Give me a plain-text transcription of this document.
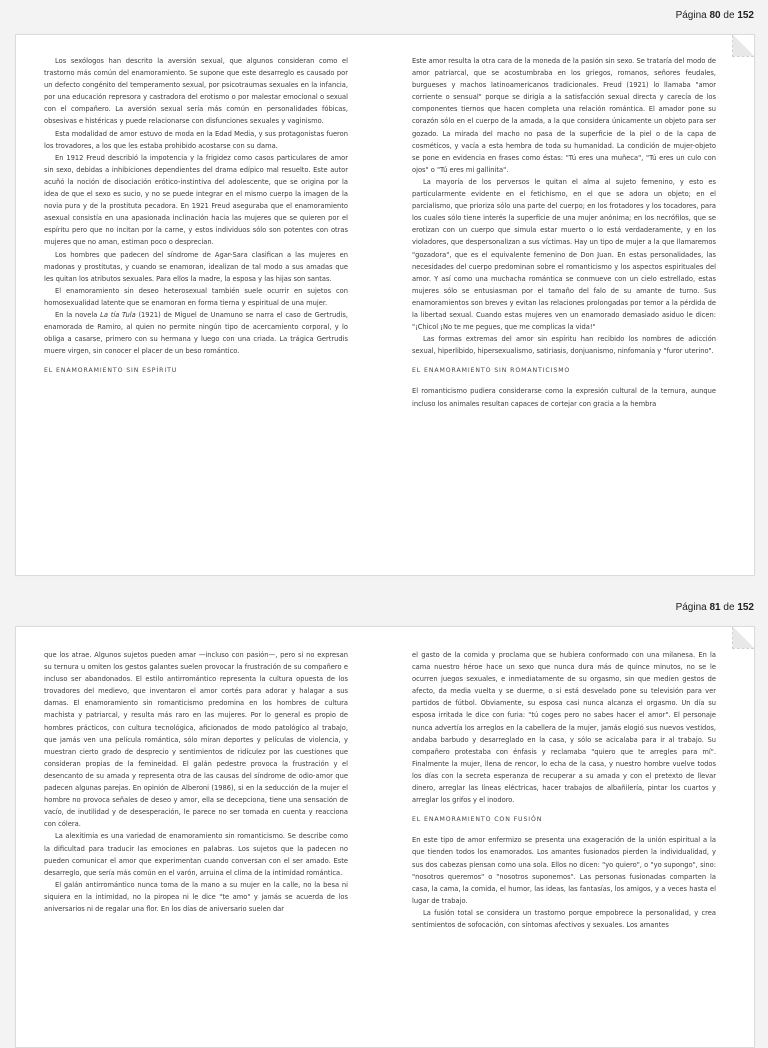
Página 80 de 152

Los sexólogos han descrito la aversión sexual, que algunos consideran como el trastorno más común del enamoramiento. Se supone que este desarreglo es causado por un defecto congénito del temperamento sexual, por psicotraumas sexuales en la infancia, por una educación represora y castradora del erotismo o por malestar emocional o sexual con el compañero. La aversión sexual sería más común en personalidades fóbicas, obsesivas e histéricas y puede relacionarse con disfunciones sexuales y vaginismo.

Esta modalidad de amor estuvo de moda en la Edad Media, y sus protagonistas fueron los trovadores, a los que les estaba prohibido acostarse con su dama.

En 1912 Freud describió la impotencia y la frigidez como casos particulares de amor sin sexo, debidas a inhibiciones dependientes del drama edípico mal resuelto. Este autor acuñó la noción de disociación erótico-instintiva del adolescente, que se origina por la idea de que el sexo es sucio, y no se puede integrar en el mismo cuerpo la imagen de la novia pura y de la prostituta pecadora. En 1921 Freud aseguraba que el enamoramiento asexual consistía en una apasionada inclinación hacia las mujeres que se quieren por el espíritu pero que no incitan por la carne, y estos individuos sólo son potentes con otras mujeres que no aman, estiman poco o desprecian.

Los hombres que padecen del síndrome de Agar-Sara clasifican a las mujeres en madonas y prostitutas, y cuando se enamoran, idealizan de tal modo a sus amadas que les quitan los atributos sexuales. Para ellos la madre, la esposa y las hijas son santas.

El enamoramiento sin deseo heterosexual también suele ocurrir en sujetos con homosexualidad latente que se enamoran en forma tierna y espiritual de una mujer.

En la novela La tía Tula (1921) de Miguel de Unamuno se narra el caso de Gertrudis, enamorada de Ramiro, al quien no permite ningún tipo de acercamiento corporal, y lo obliga a casarse, primero con su hermana y luego con una criada. La trágica Gertrudis muere virgen, sin conocer el placer de un beso romántico.

EL ENAMORAMIENTO SIN ESPÍRITU

Este amor resulta la otra cara de la moneda de la pasión sin sexo. Se trataría del modo de amor patriarcal, que se acostumbraba en los griegos, romanos, señores feudales, burgueses y machos latinoamericanos tradicionales. Freud (1921) lo llamaba "amor corriente o sensual" porque se dirigía a la satisfacción sexual directa y carecía de los componentes tiernos que hacen completa una relación romántica. El amador pone su corazón sólo en el cuerpo de la amada, a la que considera únicamente un objeto para ser gozado. La mirada del macho no pasa de la superficie de la piel o de la capa de cosméticos, y vacía a esta hembra de toda su humanidad. La condición de mujer-objeto se pone en evidencia en frases como éstas: "Tú eres una muñeca", "Tú eres un culo con ojos" o "Tú eres mi gallinita".

La mayoría de los perversos le quitan el alma al sujeto femenino, y esto es particularmente evidente en el fetichismo, en el que se adora un objeto; en el parcialismo, que prioriza sólo una parte del cuerpo; en los frotadores y los tocadores, para los cuales sólo tiene interés la superficie de una mujer anónima; en los necrófilos, que se erotizan con un cuerpo que simula estar muerto o lo está verdaderamente, y en los violadores, que despersonalizan a sus víctimas. Hay un tipo de mujer a la que llamaremos "gozadora", que es el equivalente femenino de Don Juan. En estas personalidades, las necesidades del cuerpo predominan sobre el romanticismo y los aspectos espirituales del amor. Y así como una muchacha romántica se conmueve con un cielo estrellado, estas mujeres sólo se entusiasman por el tamaño del falo de su amante de turno. Sus enamoramientos son breves y evitan las relaciones prolongadas por temor a la pérdida de la libertad sexual. Cuando estas mujeres ven un enamorado demasiado asiduo le dicen: "¡Chicol ¡No te me pegues, que me complicas la vida!"

Las formas extremas del amor sin espíritu han recibido los nombres de adicción sexual, hiperlibido, hipersexualismo, satiriasis, donjuanismo, ninfomanía y "furor uterino".

EL ENAMORAMIENTO SIN ROMANTICISMO

El romanticismo pudiera considerarse como la expresión cultural de la ternura, aunque incluso los animales resultan capaces de cortejar con gracia a la hembra

Página 81 de 152

que los atrae. Algunos sujetos pueden amar —incluso con pasión—, pero si no expresan su ternura u omiten los gestos galantes suelen provocar la frustración de su compañero e incluso ser abandonados. El estilo antirromántico representa la cultura opuesta de los trovadores del medievo, que inventaron el amor cortés para adorar y halagar a sus damas. El enamoramiento sin romanticismo predomina en los hombres de cultura machista y patriarcal, y resulta más raro en las mujeres. Por lo general es propio de hombres prácticos, con cultura tecnológica, aficionados de modo patológico al trabajo, que jamás ven una película romántica, sólo miran deportes y películas de violencia, y muestran cierto grado de desprecio y sentimientos de ridículez por las cuestiones que consideran propias de la femineidad. El galán pedestre provoca la frustración y el desencanto de su amada y representa otra de las causas del síndrome de odio-amor que padecen algunas parejas. En opinión de Alberoni (1986), si en la seducción de la mujer el hombre no provoca señales de deseo y amor, ella se decepciona, tiene una sensación de vacío, de inutilidad y de desesperación, le parece no ser tomada en cuenta y reacciona con cólera.

La alexitimia es una variedad de enamoramiento sin romanticismo. Se describe como la dificultad para traducir las emociones en palabras. Los sujetos que la padecen no pueden comunicar el amor que experimentan cuando conversan con el ser amado. Este desarreglo, que sería más común en el varón, arruina el clima de la intimidad romántica.

El galán antirromántico nunca toma de la mano a su mujer en la calle, no la besa ni siquiera en la intimidad, no la piropea ni le dice "te amo" y jamás se acuerda de los aniversarios ni de regalar una flor. En los días de aniversario suelen dar

el gasto de la comida y proclama que se hubiera conformado con una milanesa. En la cama nuestro héroe hace un sexo que nunca dura más de quince minutos, no se le ocurren juegos sexuales, e inmediatamente de su orgasmo, sin que medien gestos de afecto, da media vuelta y se duerme, o si está desvelado pone su televisión para ver partidos de fútbol. Obviamente, su esposa casi nunca alcanza el orgasmo. Un día su esposa irritada le dice con furia: "tú coges pero no sabes hacer el amor". El personaje nunca advertía los arreglos en la cabellera de la mujer, jamás elogió sus nuevos vestidos, andaba barbudo y desarreglado en la casa, y sólo se acicalaba para ir al trabajo. Su compañero protestaba con énfasis y reclamaba "quiero que te arregles para mí". Finalmente la mujer, llena de rencor, lo echa de la casa, y nuestro hombre vuelve todos los días con la secreta esperanza de recuperar a su amada y con el pretexto de llevar dinero, arreglar las líneas eléctricas, hacer trabajos de albañilería, pintar los cuartos y arreglar los grifos y el inodoro.

EL ENAMORAMIENTO CON FUSIÓN

En este tipo de amor enfermizo se presenta una exageración de la unión espiritual a la que tienden todos los enamorados. Los amantes fusionados pierden la individualidad, y sus dos cabezas piensan como una sola. Ellos no dicen: "yo quiero", o "yo supongo", sino: "nosotros queremos" o "nosotros suponemos". Las personas fusionadas comparten la casa, la cama, la comida, el humor, las ideas, las fantasías, los amigos, y a veces hasta el lugar de trabajo.

La fusión total se considera un trastorno porque empobrece la personalidad, y crea sentimientos de sofocación, con síntomas afectivos y sexuales. Los amantes
